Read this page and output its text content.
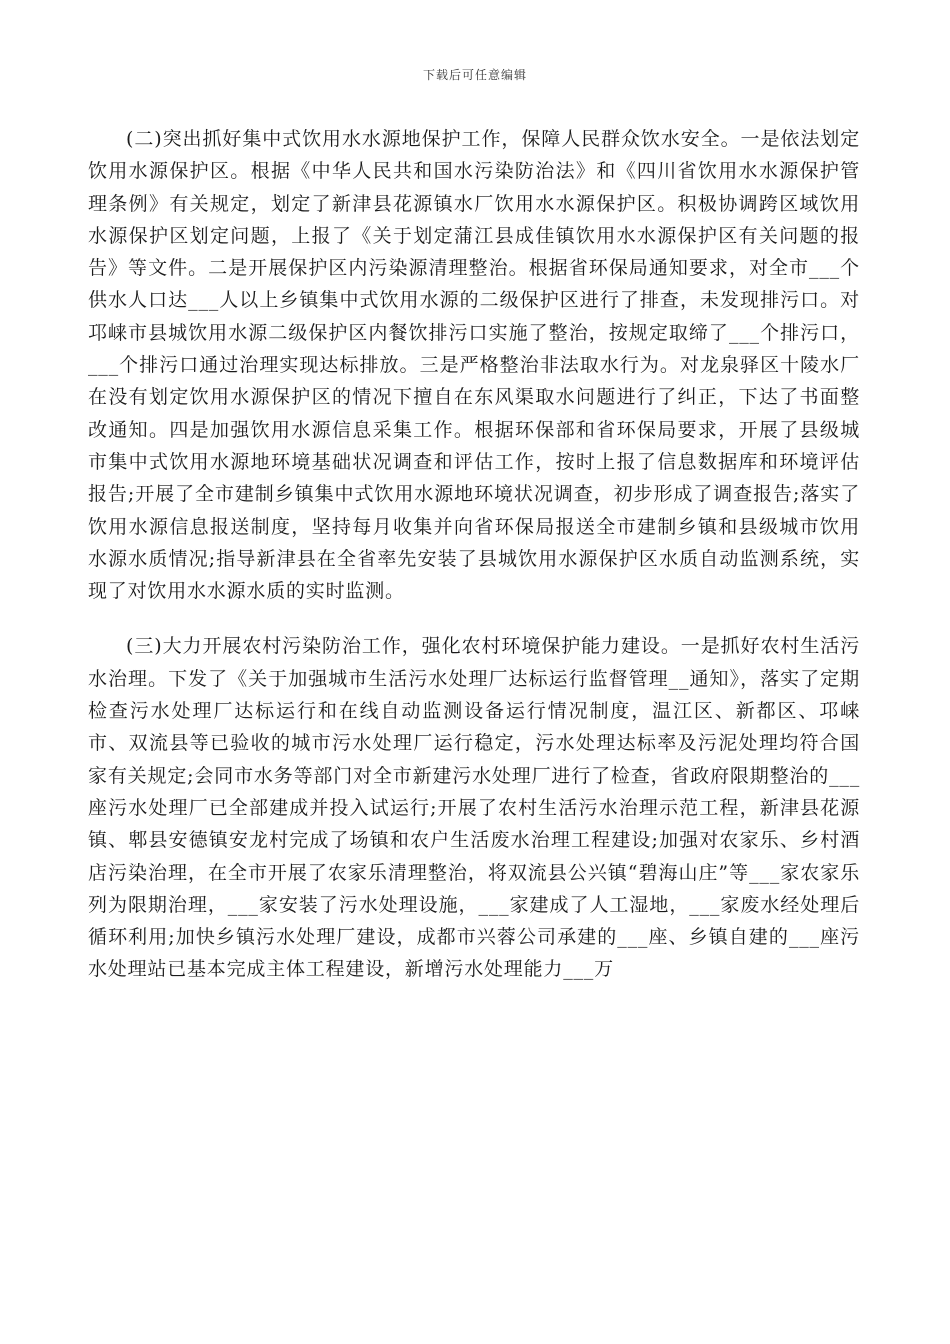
下载后可任意编辑

(二)突出抓好集中式饮用水水源地保护工作，保障人民群众饮水安全。一是依法划定饮用水源保护区。根据《中华人民共和国水污染防治法》和《四川省饮用水水源保护管理条例》有关规定，划定了新津县花源镇水厂饮用水水源保护区。积极协调跨区域饮用水源保护区划定问题，上报了《关于划定蒲江县成佳镇饮用水水源保护区有关问题的报告》等文件。二是开展保护区内污染源清理整治。根据省环保局通知要求，对全市___个供水人口达___人以上乡镇集中式饮用水源的二级保护区进行了排查，未发现排污口。对邛崃市县城饮用水源二级保护区内餐饮排污口实施了整治，按规定取缔了___个排污口，___个排污口通过治理实现达标排放。三是严格整治非法取水行为。对龙泉驿区十陵水厂在没有划定饮用水源保护区的情况下擅自在东风渠取水问题进行了纠正，下达了书面整改通知。四是加强饮用水源信息采集工作。根据环保部和省环保局要求，开展了县级城市集中式饮用水源地环境基础状况调查和评估工作，按时上报了信息数据库和环境评估报告;开展了全市建制乡镇集中式饮用水源地环境状况调查，初步形成了调查报告;落实了饮用水源信息报送制度，坚持每月收集并向省环保局报送全市建制乡镇和县级城市饮用水源水质情况;指导新津县在全省率先安装了县城饮用水源保护区水质自动监测系统，实现了对饮用水水源水质的实时监测。

(三)大力开展农村污染防治工作，强化农村环境保护能力建设。一是抓好农村生活污水治理。下发了《关于加强城市生活污水处理厂达标运行监督管理__通知》，落实了定期检查污水处理厂达标运行和在线自动监测设备运行情况制度，温江区、新都区、邛崃市、双流县等已验收的城市污水处理厂运行稳定，污水处理达标率及污泥处理均符合国家有关规定;会同市水务等部门对全市新建污水处理厂进行了检查，省政府限期整治的___座污水处理厂已全部建成并投入试运行;开展了农村生活污水治理示范工程，新津县花源镇、郫县安德镇安龙村完成了场镇和农户生活废水治理工程建设;加强对农家乐、乡村酒店污染治理，在全市开展了农家乐清理整治，将双流县公兴镇“碧海山庄”等___家农家乐列为限期治理，___家安装了污水处理设施，___家建成了人工湿地，___家废水经处理后循环利用;加快乡镇污水处理厂建设，成都市兴蓉公司承建的___座、乡镇自建的___座污水处理站已基本完成主体工程建设，新增污水处理能力___万
